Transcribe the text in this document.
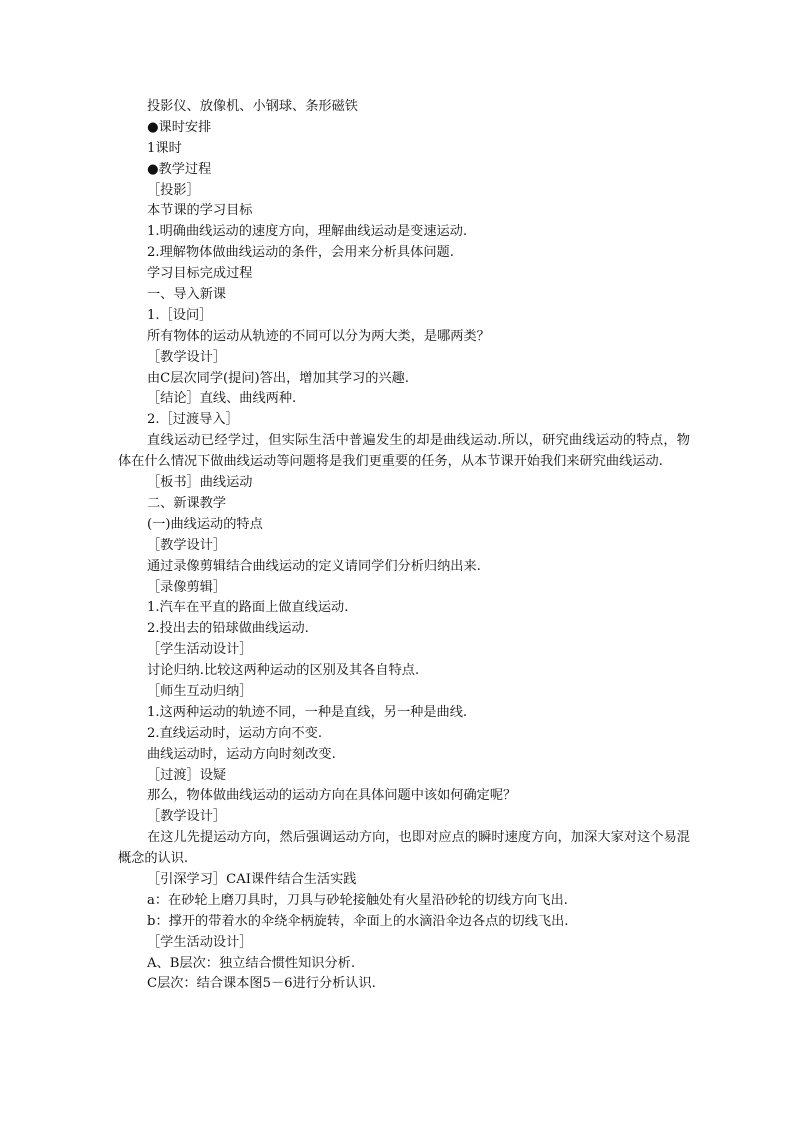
投影仪、放像机、小钢球、条形磁铁
●课时安排
1课时
●教学过程
［投影］
本节课的学习目标
1.明确曲线运动的速度方向，理解曲线运动是变速运动.
2.理解物体做曲线运动的条件，会用来分析具体问题.
学习目标完成过程
一、导入新课
1.［设问］
所有物体的运动从轨迹的不同可以分为两大类，是哪两类？
［教学设计］
由C层次同学(提问)答出，增加其学习的兴趣.
［结论］直线、曲线两种.
2.［过渡导入］

直线运动已经学过，但实际生活中普遍发生的却是曲线运动.所以，研究曲线运动的特点，物体在什么情况下做曲线运动等问题将是我们更重要的任务，从本节课开始我们来研究曲线运动.

［板书］曲线运动
二、新课教学
(一)曲线运动的特点
［教学设计］
通过录像剪辑结合曲线运动的定义请同学们分析归纳出来.
［录像剪辑］
1.汽车在平直的路面上做直线运动.
2.投出去的铅球做曲线运动.
［学生活动设计］
讨论归纳.比较这两种运动的区别及其各自特点.
［师生互动归纳］
1.这两种运动的轨迹不同，一种是直线，另一种是曲线.
2.直线运动时，运动方向不变.
曲线运动时，运动方向时刻改变.
［过渡］设疑
那么，物体做曲线运动的运动方向在具体问题中该如何确定呢？
［教学设计］

在这儿先提运动方向，然后强调运动方向，也即对应点的瞬时速度方向，加深大家对这个易混概念的认识.

［引深学习］CAI课件结合生活实践
a：在砂轮上磨刀具时，刀具与砂轮接触处有火星沿砂轮的切线方向飞出.
b：撑开的带着水的伞绕伞柄旋转，伞面上的水滴沿伞边各点的切线飞出.
［学生活动设计］
A、B层次：独立结合惯性知识分析.
C层次：结合课本图5－6进行分析认识.
